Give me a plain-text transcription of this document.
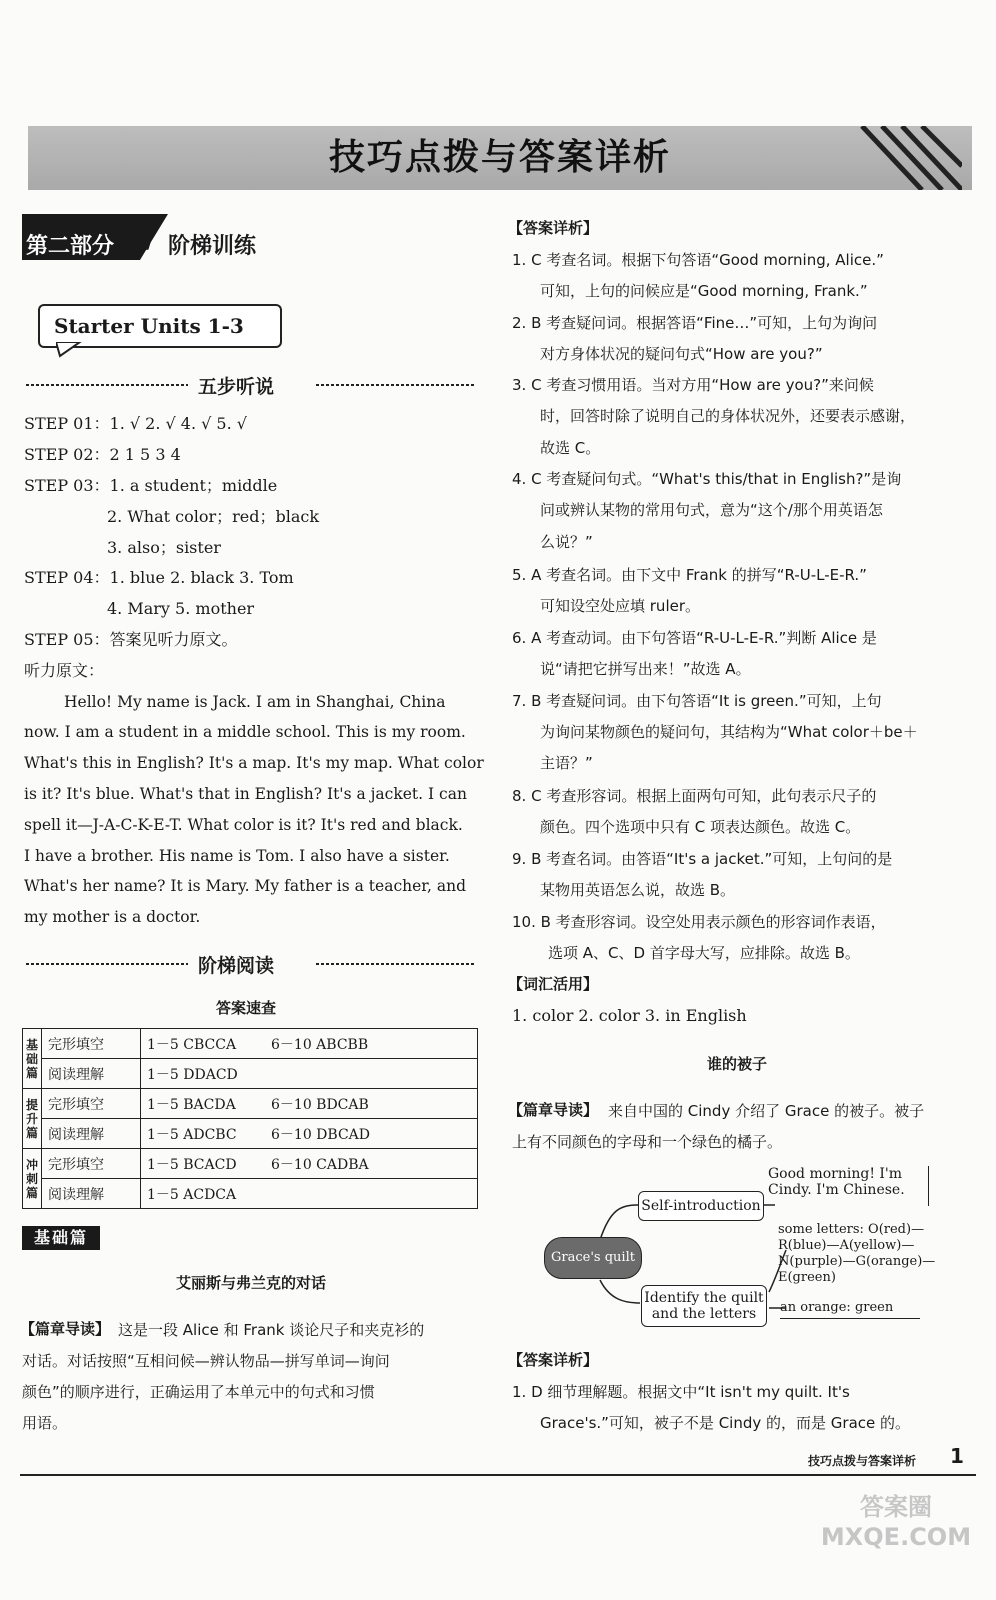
技巧点拨与答案详析
第二部分 / 阶梯训练
Starter Units 1-3
五步听说
STEP 01：1. √ 2. √ 4. √ 5. √
STEP 02：2 1 5 3 4
STEP 03：1. a student；middle
2. What color；red；black
3. also；sister
STEP 04：1. blue 2. black 3. Tom
4. Mary 5. mother
STEP 05：答案见听力原文。
听力原文：
Hello! My name is Jack. I am in Shanghai, China
now. I am a student in a middle school. This is my room.
What's this in English? It's a map. It's my map. What color
is it? It's blue. What's that in English? It's a jacket. I can
spell it—J-A-C-K-E-T. What color is it? It's red and black.
I have a brother. His name is Tom. I also have a sister.
What's her name? It is Mary. My father is a teacher, and
my mother is a doctor.
阶梯阅读
答案速查
基础篇	完形填空	1－5 CBCCA	6－10 ABCBB
	阅读理解	1－5 DDACD	
提升篇	完形填空	1－5 BACDA	6－10 BDCAB
	阅读理解	1－5 ADCBC	6－10 DBCAD
冲刺篇	完形填空	1－5 BCACD	6－10 CADBA
	阅读理解	1－5 ACDCA	
基础篇
艾丽斯与弗兰克的对话
【篇章导读】 这是一段 Alice 和 Frank 谈论尺子和夹克衫的
对话。对话按照“互相问候—辨认物品—拼写单词—询问
颜色”的顺序进行，正确运用了本单元中的句式和习惯
用语。
【答案详析】
1. C 考查名词。根据下句答语“Good morning, Alice.”
可知，上句的问候应是“Good morning, Frank.”
2. B 考查疑问词。根据答语“Fine…”可知，上句为询问
对方身体状况的疑问句式“How are you?”
3. C 考查习惯用语。当对方用“How are you?”来问候
时，回答时除了说明自己的身体状况外，还要表示感谢，
故选 C。
4. C 考查疑问句式。“What's this/that in English?”是询
问或辨认某物的常用句式，意为“这个/那个用英语怎
么说？”
5. A 考查名词。由下文中 Frank 的拼写“R-U-L-E-R.”
可知设空处应填 ruler。
6. A 考查动词。由下句答语“R-U-L-E-R.”判断 Alice 是
说“请把它拼写出来！”故选 A。
7. B 考查疑问词。由下句答语“It is green.”可知，上句
为询问某物颜色的疑问句，其结构为“What color＋be＋
主语？”
8. C 考查形容词。根据上面两句可知，此句表示尺子的
颜色。四个选项中只有 C 项表达颜色。故选 C。
9. B 考查名词。由答语“It's a jacket.”可知，上句问的是
某物用英语怎么说，故选 B。
10. B 考查形容词。设空处用表示颜色的形容词作表语，
选项 A、C、D 首字母大写，应排除。故选 B。
【词汇活用】
1. color 2. color 3. in English
谁的被子
【篇章导读】 来自中国的 Cindy 介绍了 Grace 的被子。被子
上有不同颜色的字母和一个绿色的橘子。
Grace's quilt
Self-introduction
Good morning! I'm
Cindy. I'm Chinese.
Identify the quilt
and the letters
some letters: O(red)—
R(blue)—A(yellow)—
N(purple)—G(orange)—
E(green)
an orange: green
【答案详析】
1. D 细节理解题。根据文中“It isn't my quilt. It's
Grace's.”可知，被子不是 Cindy 的，而是 Grace 的。
技巧点拨与答案详析 1
答案圈 MXQE.COM
